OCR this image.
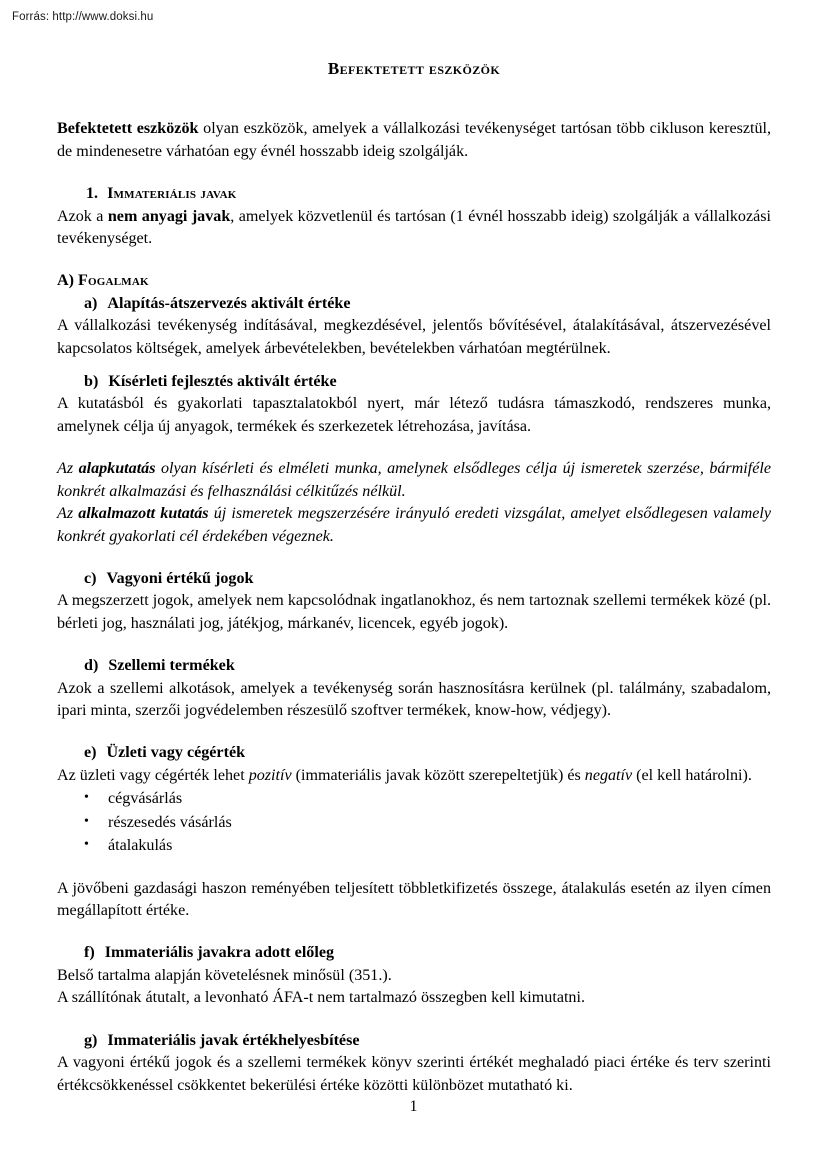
Forrás: http://www.doksi.hu
Befektetett eszközök

Befektetett eszközök olyan eszközök, amelyek a vállalkozási tevékenységet tartósan több cikluson keresztül, de mindenesetre várhatóan egy évnél hosszabb ideig szolgálják.

1. Immateriális javak

Azok a nem anyagi javak, amelyek közvetlenül és tartósan (1 évnél hosszabb ideig) szolgálják a vállalkozási tevékenységet.

A) Fogalmak

a) Alapítás-átszervezés aktivált értéke

A vállalkozási tevékenység indításával, megkezdésével, jelentős bővítésével, átalakításával, átszervezésével kapcsolatos költségek, amelyek árbevételekben, bevételekben várhatóan megtérülnek.

b) Kísérleti fejlesztés aktivált értéke

A kutatásból és gyakorlati tapasztalatokból nyert, már létező tudásra támaszkodó, rendszeres munka, amelynek célja új anyagok, termékek és szerkezetek létrehozása, javítása.

Az alapkutatás olyan kísérleti és elméleti munka, amelynek elsődleges célja új ismeretek szerzése, bármiféle konkrét alkalmazási és felhasználási célkitűzés nélkül.

Az alkalmazott kutatás új ismeretek megszerzésére irányuló eredeti vizsgálat, amelyet elsődlegesen valamely konkrét gyakorlati cél érdekében végeznek.

c) Vagyoni értékű jogok

A megszerzett jogok, amelyek nem kapcsolódnak ingatlanokhoz, és nem tartoznak szellemi termékek közé (pl. bérleti jog, használati jog, játékjog, márkanév, licencek, egyéb jogok).

d) Szellemi termékek

Azok a szellemi alkotások, amelyek a tevékenység során hasznosításra kerülnek (pl. találmány, szabadalom, ipari minta, szerzői jogvédelemben részesülő szoftver termékek, know-how, védjegy).

e) Üzleti vagy cégérték

Az üzleti vagy cégérték lehet pozitív (immateriális javak között szerepeltetjük) és negatív (el kell határolni).

• cégvásárlás
• részesedés vásárlás
• átalakulás

A jövőbeni gazdasági haszon reményében teljesített többletkifizetés összege, átalakulás esetén az ilyen címen megállapított értéke.

f) Immateriális javakra adott előleg

Belső tartalma alapján követelésnek minősül (351.).

A szállítónak átutalt, a levonható ÁFA-t nem tartalmazó összegben kell kimutatni.

g) Immateriális javak értékhelyesbítése

A vagyoni értékű jogok és a szellemi termékek könyv szerinti értékét meghaladó piaci értéke és terv szerinti értékcsökkenéssel csökkentet bekerülési értéke közötti különbözet mutatható ki.

1
